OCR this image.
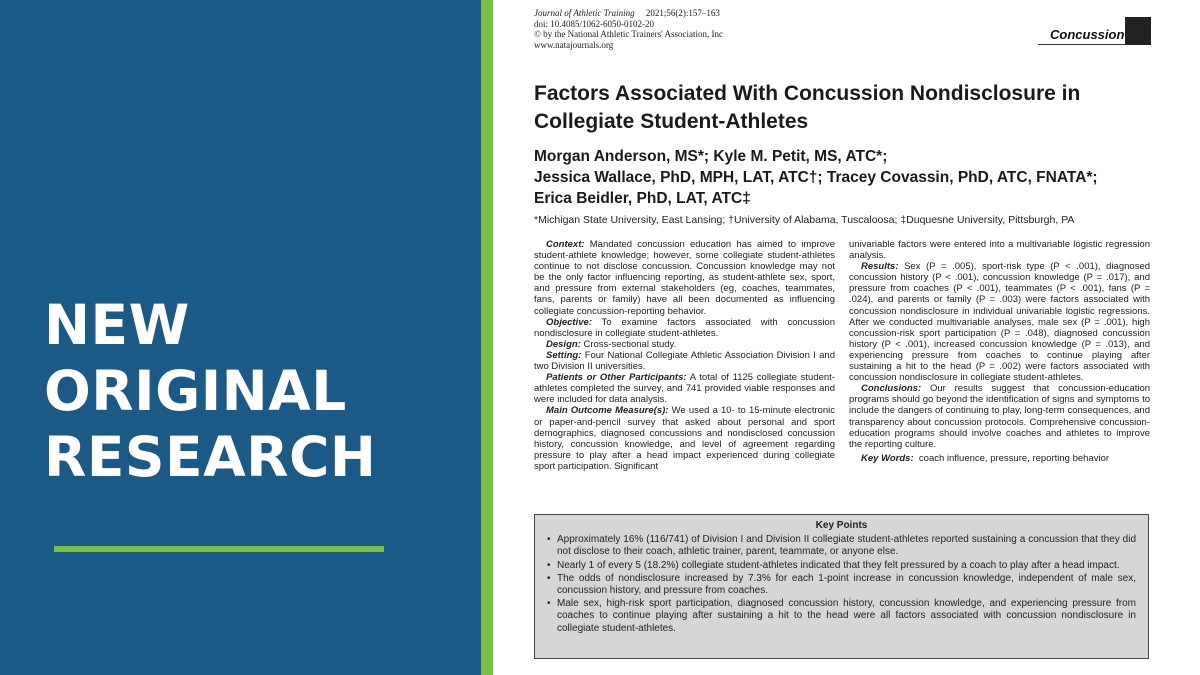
NEW
ORIGINAL
RESEARCH
Journal of Athletic Training 2021;56(2):157–163
doi: 10.4085/1062-6050-0102-20
© by the National Athletic Trainers' Association, Inc
www.natajournals.org
Concussion
Factors Associated With Concussion Nondisclosure in Collegiate Student-Athletes
Morgan Anderson, MS*; Kyle M. Petit, MS, ATC*;
Jessica Wallace, PhD, MPH, LAT, ATC†; Tracey Covassin, PhD, ATC, FNATA*;
Erica Beidler, PhD, LAT, ATC‡
*Michigan State University, East Lansing; †University of Alabama, Tuscaloosa; ‡Duquesne University, Pittsburgh, PA

Context: Mandated concussion education has aimed to improve student-athlete knowledge; however, some collegiate student-athletes continue to not disclose concussion. Concussion knowledge may not be the only factor influencing reporting, as student-athlete sex, sport, and pressure from external stakeholders (eg, coaches, teammates, fans, parents or family) have all been documented as influencing collegiate concussion-reporting behavior.

Objective: To examine factors associated with concussion nondisclosure in collegiate student-athletes.

Design: Cross-sectional study.

Setting: Four National Collegiate Athletic Association Division I and two Division II universities.

Patients or Other Participants: A total of 1125 collegiate student-athletes completed the survey, and 741 provided viable responses and were included for data analysis.

Main Outcome Measure(s): We used a 10- to 15-minute electronic or paper-and-pencil survey that asked about personal and sport demographics, diagnosed concussions and nondisclosed concussion history, concussion knowledge, and level of agreement regarding pressure to play after a head impact experienced during collegiate sport participation. Significant

univariable factors were entered into a multivariable logistic regression analysis.

Results: Sex (P = .005), sport-risk type (P < .001), diagnosed concussion history (P < .001), concussion knowledge (P = .017), and pressure from coaches (P < .001), teammates (P < .001), fans (P = .024), and parents or family (P = .003) were factors associated with concussion nondisclosure in individual univariable logistic regressions. After we conducted multivariable analyses, male sex (P = .001), high concussion-risk sport participation (P = .048), diagnosed concussion history (P < .001), increased concussion knowledge (P = .013), and experiencing pressure from coaches to continue playing after sustaining a hit to the head (P = .002) were factors associated with concussion nondisclosure in collegiate student-athletes.

Conclusions: Our results suggest that concussion-education programs should go beyond the identification of signs and symptoms to include the dangers of continuing to play, long-term consequences, and transparency about concussion protocols. Comprehensive concussion-education programs should involve coaches and athletes to improve the reporting culture.

Key Words: coach influence, pressure, reporting behavior

Key Points
• Approximately 16% (116/741) of Division I and Division II collegiate student-athletes reported sustaining a concussion that they did not disclose to their coach, athletic trainer, parent, teammate, or anyone else.
• Nearly 1 of every 5 (18.2%) collegiate student-athletes indicated that they felt pressured by a coach to play after a head impact.
• The odds of nondisclosure increased by 7.3% for each 1-point increase in concussion knowledge, independent of male sex, concussion history, and pressure from coaches.
• Male sex, high-risk sport participation, diagnosed concussion history, concussion knowledge, and experiencing pressure from coaches to continue playing after sustaining a hit to the head were all factors associated with concussion nondisclosure in collegiate student-athletes.
